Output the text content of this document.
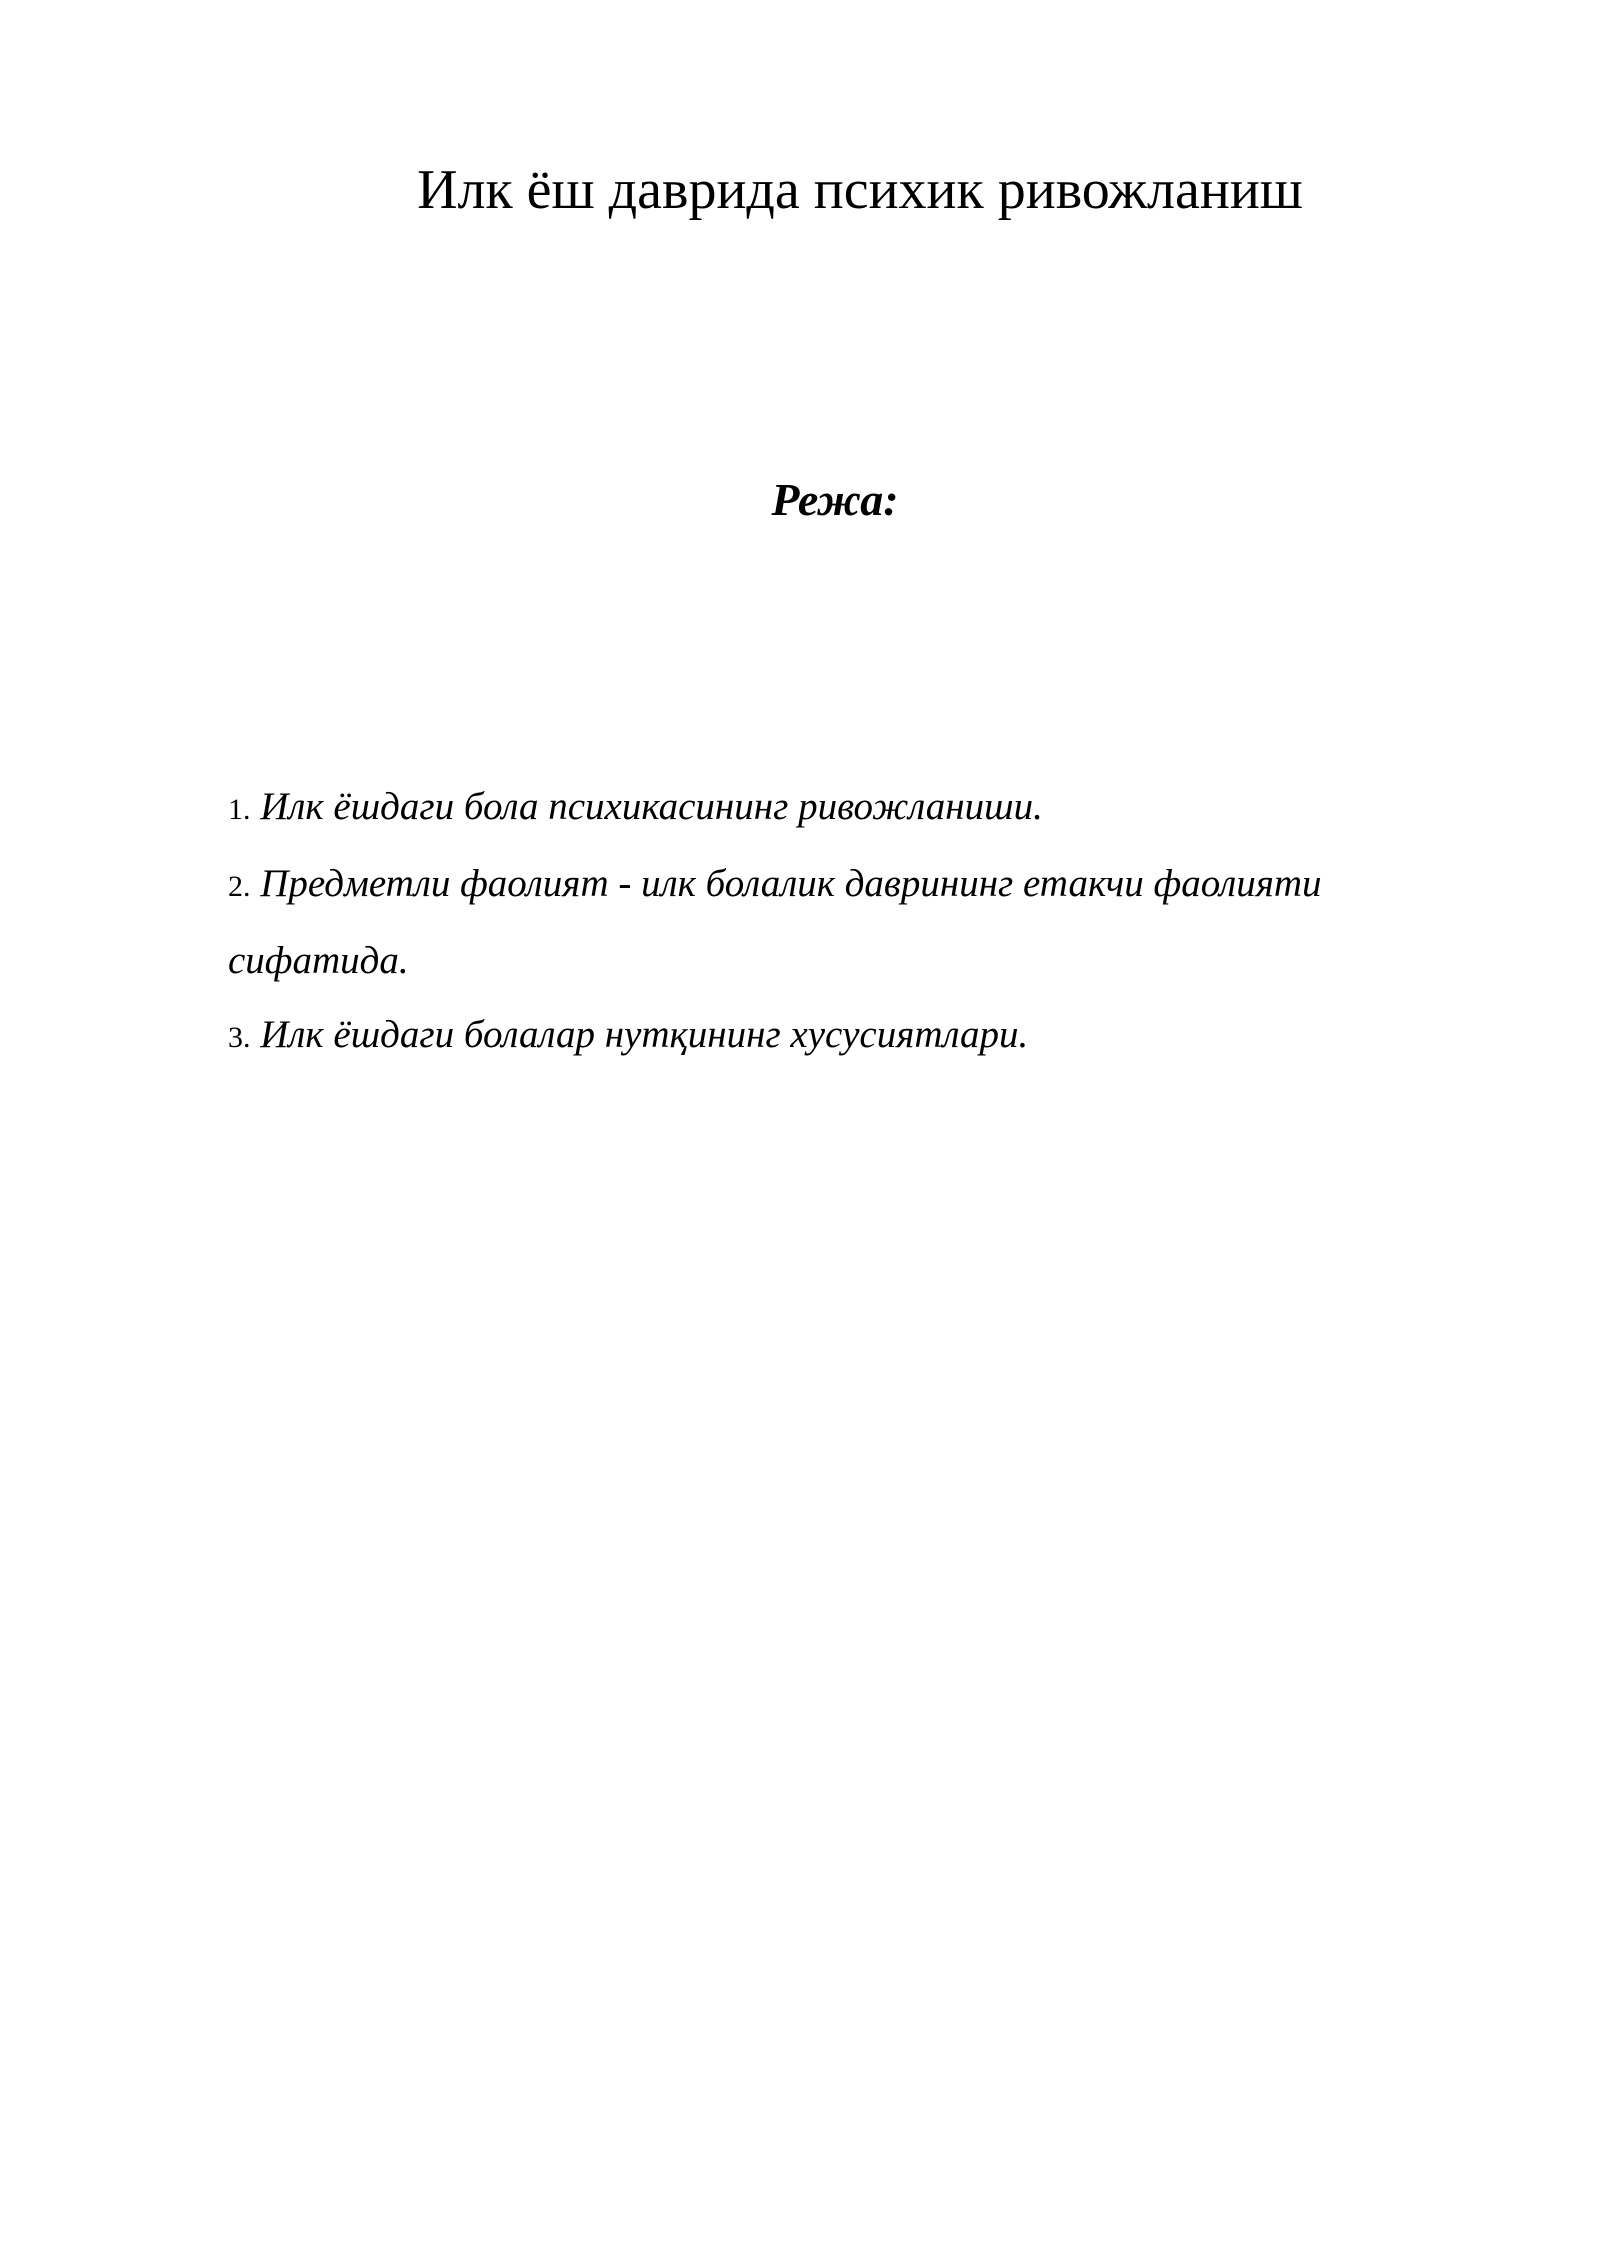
Илк ёш даврида психик ривожланиш
Режа:
1. Илк ёшдаги бола психикасининг ривожланиши.
2. Предметли фаолият - илк болалик даврининг етакчи фаолияти сифатида.
3. Илк ёшдаги болалар нутқининг хусусиятлари.
